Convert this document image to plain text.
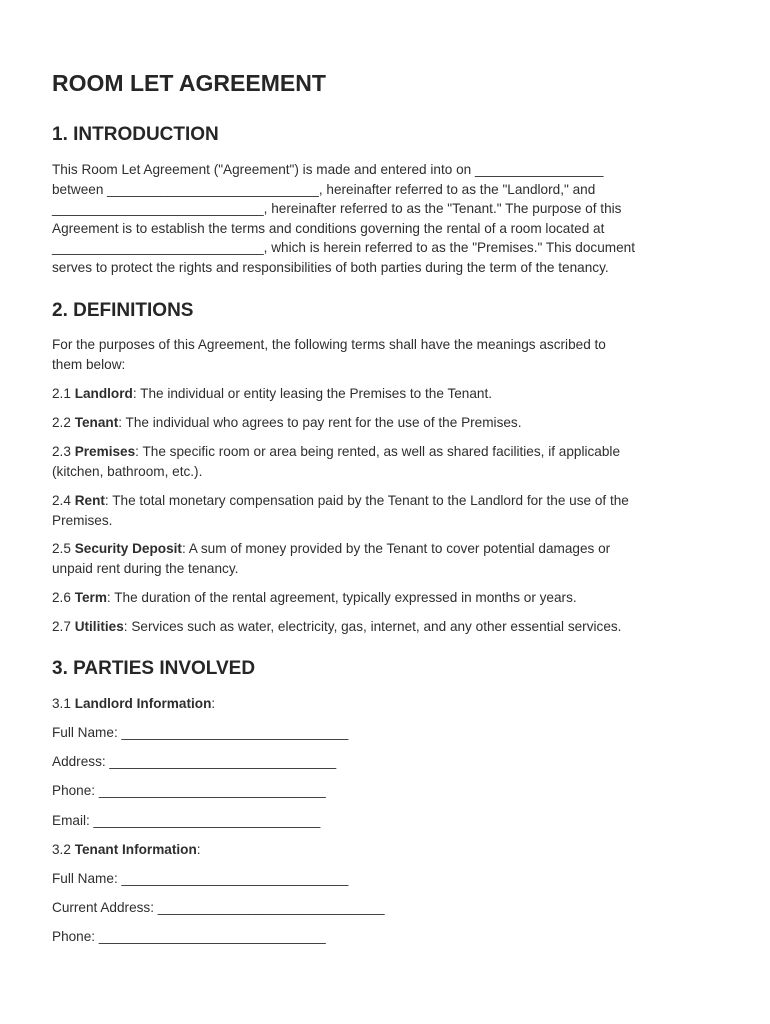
ROOM LET AGREEMENT
1. INTRODUCTION

This Room Let Agreement ("Agreement") is made and entered into on _________________
between ____________________________, hereinafter referred to as the "Landlord," and
____________________________, hereinafter referred to as the "Tenant." The purpose of this
Agreement is to establish the terms and conditions governing the rental of a room located at
____________________________, which is herein referred to as the "Premises." This document
serves to protect the rights and responsibilities of both parties during the term of the tenancy.

2. DEFINITIONS

For the purposes of this Agreement, the following terms shall have the meanings ascribed to
them below:

2.1 Landlord: The individual or entity leasing the Premises to the Tenant.

2.2 Tenant: The individual who agrees to pay rent for the use of the Premises.

2.3 Premises: The specific room or area being rented, as well as shared facilities, if applicable
(kitchen, bathroom, etc.).

2.4 Rent: The total monetary compensation paid by the Tenant to the Landlord for the use of the
Premises.

2.5 Security Deposit: A sum of money provided by the Tenant to cover potential damages or
unpaid rent during the tenancy.

2.6 Term: The duration of the rental agreement, typically expressed in months or years.

2.7 Utilities: Services such as water, electricity, gas, internet, and any other essential services.

3. PARTIES INVOLVED

3.1 Landlord Information:

Full Name: ______________________________

Address: ______________________________

Phone: ______________________________

Email: ______________________________

3.2 Tenant Information:

Full Name: ______________________________

Current Address: ______________________________

Phone: ______________________________
